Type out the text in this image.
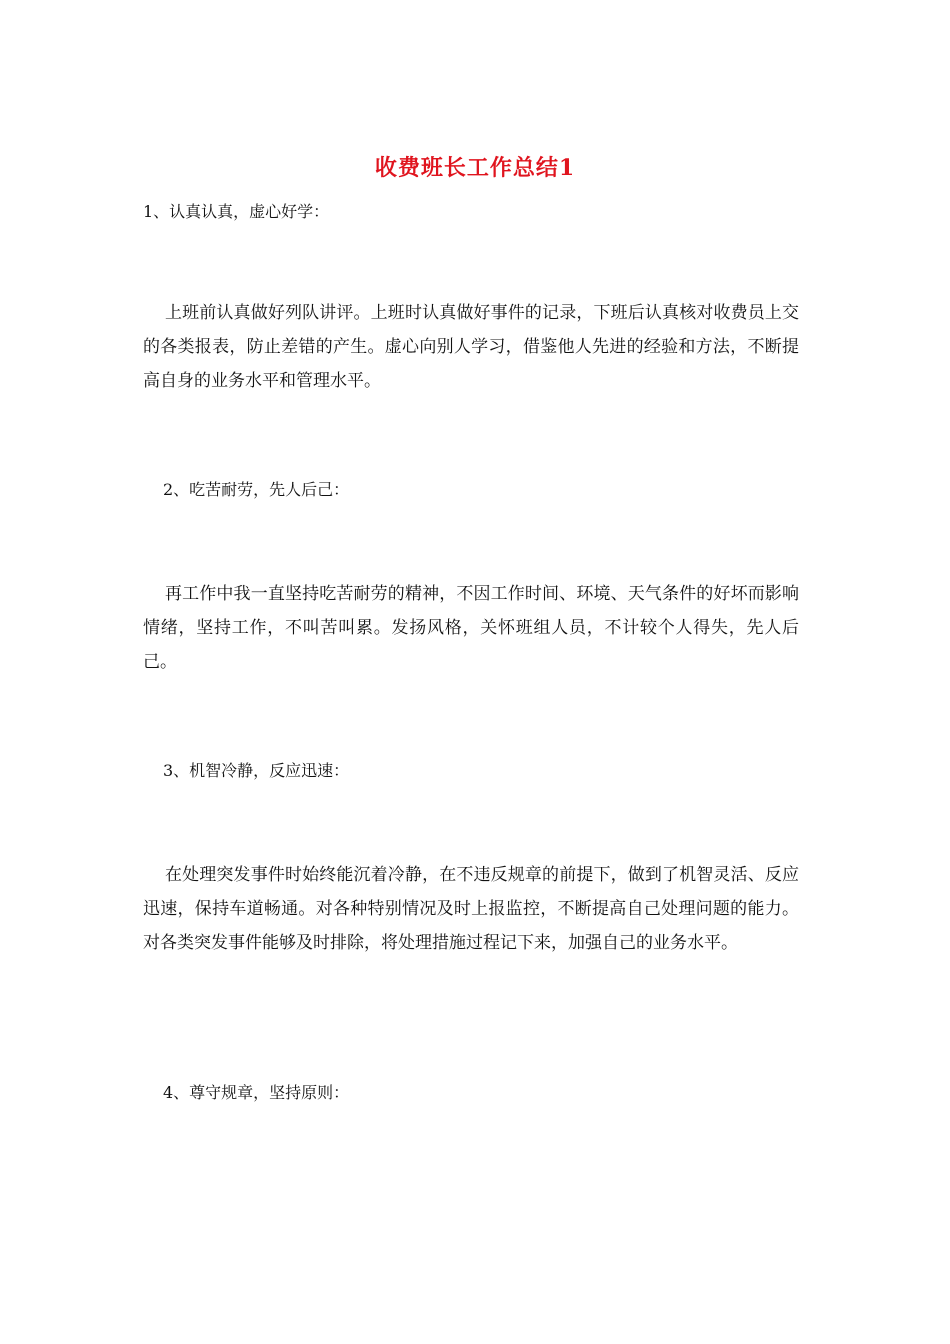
收费班长工作总结1

1、认真认真，虚心好学：

上班前认真做好列队讲评。上班时认真做好事件的记录，下班后认真核对收费员上交的各类报表，防止差错的产生。虚心向别人学习，借鉴他人先进的经验和方法，不断提高自身的业务水平和管理水平。

2、吃苦耐劳，先人后己：

再工作中我一直坚持吃苦耐劳的精神，不因工作时间、环境、天气条件的好坏而影响情绪，坚持工作，不叫苦叫累。发扬风格，关怀班组人员，不计较个人得失，先人后己。

3、机智冷静，反应迅速：

在处理突发事件时始终能沉着冷静，在不违反规章的前提下，做到了机智灵活、反应迅速，保持车道畅通。对各种特别情况及时上报监控，不断提高自己处理问题的能力。对各类突发事件能够及时排除，将处理措施过程记下来，加强自己的业务水平。

4、尊守规章，坚持原则：
